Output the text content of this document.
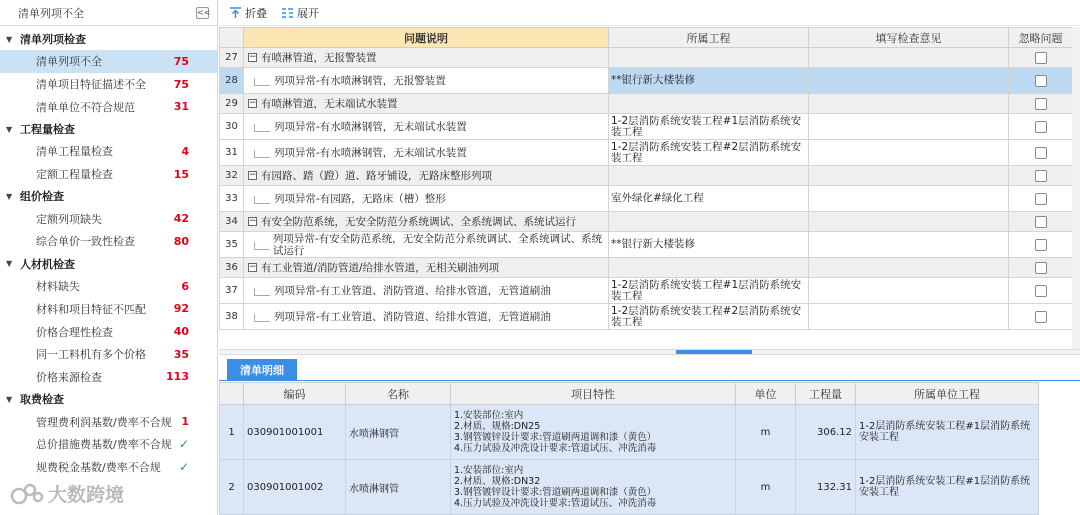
清单列项不全	<<
▼ 清单列项检查
清单列项不全	75
清单项目特征描述不全	75
清单单位不符合规范	31
▼ 工程量检查
清单工程量检查	4
定额工程量检查	15
▼ 组价检查
定额列项缺失	42
综合单价一致性检查	80
▼ 人材机检查
材料缺失	6
材料和项目特征不匹配	92
价格合理性检查	40
同一工料机有多个价格	35
价格来源检查	113
▼ 取费检查
管理费利润基数/费率不合规 1
总价措施费基数/费率不合规 ✓
规费税金基数/费率不合规 ✓
大数跨境
折叠	展开
	问题说明	所属工程	填写检查意见	忽略问题
27	− 有喷淋管道，无报警装置			

28	列项异常-有水喷淋钢管，无报警装置	**银行新大楼装修		

29	− 有喷淋管道，无末端试水装置			

30	列项异常-有水喷淋钢管，无末端试水装置	1-2层消防系统安装工程#1层消防系统安装工程		

31	列项异常-有水喷淋钢管，无末端试水装置	1-2层消防系统安装工程#2层消防系统安装工程		

32	− 有园路、踏（蹬）道、路牙铺设，无路床整形列项			

33	列项异常-有园路，无路床（槽）整形	室外绿化#绿化工程		

34	− 有安全防范系统，无安全防范分系统调试、全系统调试、系统试运行			

35	列项异常-有安全防范系统，无安全防范分系统调试、全系统调试、系统试运行	**银行新大楼装修		

36	− 有工业管道/消防管道/给排水管道，无相关刷油列项			

37	列项异常-有工业管道、消防管道、给排水管道，无管道刷油	1-2层消防系统安装工程#1层消防系统安装工程		

38	列项异常-有工业管道、消防管道、给排水管道，无管道刷油	1-2层消防系统安装工程#2层消防系统安装工程		
清单明细
	编码	名称	项目特性	单位	工程量	所属单位工程
1	030901001001	水喷淋钢管	1.安装部位:室内
2.材质、规格:DN25
3.钢管镀锌设计要求:管道刷两道调和漆（黄色）
4.压力试验及冲洗设计要求:管道试压、冲洗消毒	m	306.12	1-2层消防系统安装工程#1层消防系统安装工程
2	030901001002	水喷淋钢管	1.安装部位:室内
2.材质、规格:DN32
3.钢管镀锌设计要求:管道刷两道调和漆（黄色）
4.压力试验及冲洗设计要求:管道试压、冲洗消毒	m	132.31	1-2层消防系统安装工程#1层消防系统安装工程
